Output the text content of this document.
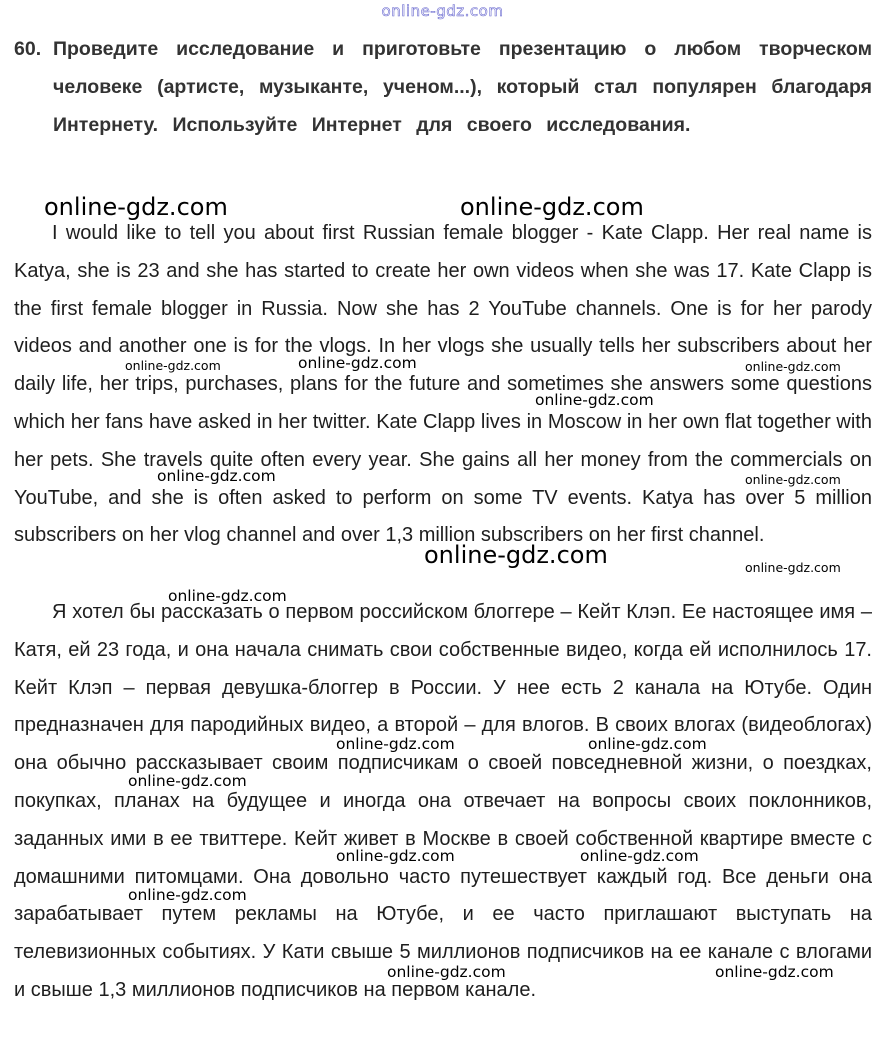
online-gdz.com
60. Проведите исследование и приготовьте презентацию о любом творческом человеке (артисте, музыканте, ученом...), который стал популярен благодаря Интернету. Используйте Интернет для своего исследования.

I would like to tell you about first Russian female blogger - Kate Clapp. Her real name is Katya, she is 23 and she has started to create her own videos when she was 17. Kate Clapp is the first female blogger in Russia. Now she has 2 YouTube channels. One is for her parody videos and another one is for the vlogs. In her vlogs she usually tells her subscribers about her daily life, her trips, purchases, plans for the future and sometimes she answers some questions which her fans have asked in her twitter. Kate Clapp lives in Moscow in her own flat together with her pets. She travels quite often every year. She gains all her money from the commercials on YouTube, and she is often asked to perform on some TV events. Katya has over 5 million subscribers on her vlog channel and over 1,3 million subscribers on her first channel.

Я хотел бы рассказать о первом российском блоггере – Кейт Клэп. Ее настоящее имя – Катя, ей 23 года, и она начала снимать свои собственные видео, когда ей исполнилось 17. Кейт Клэп – первая девушка-блоггер в России. У нее есть 2 канала на Ютубе. Один предназначен для пародийных видео, а второй – для влогов. В своих влогах (видеоблогах) она обычно рассказывает своим подписчикам о своей повседневной жизни, о поездках, покупках, планах на будущее и иногда она отвечает на вопросы своих поклонников, заданных ими в ее твиттере. Кейт живет в Москве в своей собственной квартире вместе с домашними питомцами. Она довольно часто путешествует каждый год. Все деньги она зарабатывает путем рекламы на Ютубе, и ее часто приглашают выступать на телевизионных событиях. У Кати свыше 5 миллионов подписчиков на ее канале с влогами и свыше 1,3 миллионов подписчиков на первом канале.

online-gdz.com	online-gdz.com
online-gdz.com	online-gdz.com	online-gdz.com
online-gdz.com
online-gdz.com	online-gdz.com
online-gdz.com	online-gdz.com
online-gdz.com
online-gdz.com	online-gdz.com
online-gdz.com
online-gdz.com	online-gdz.com
online-gdz.com
online-gdz.com	online-gdz.com
